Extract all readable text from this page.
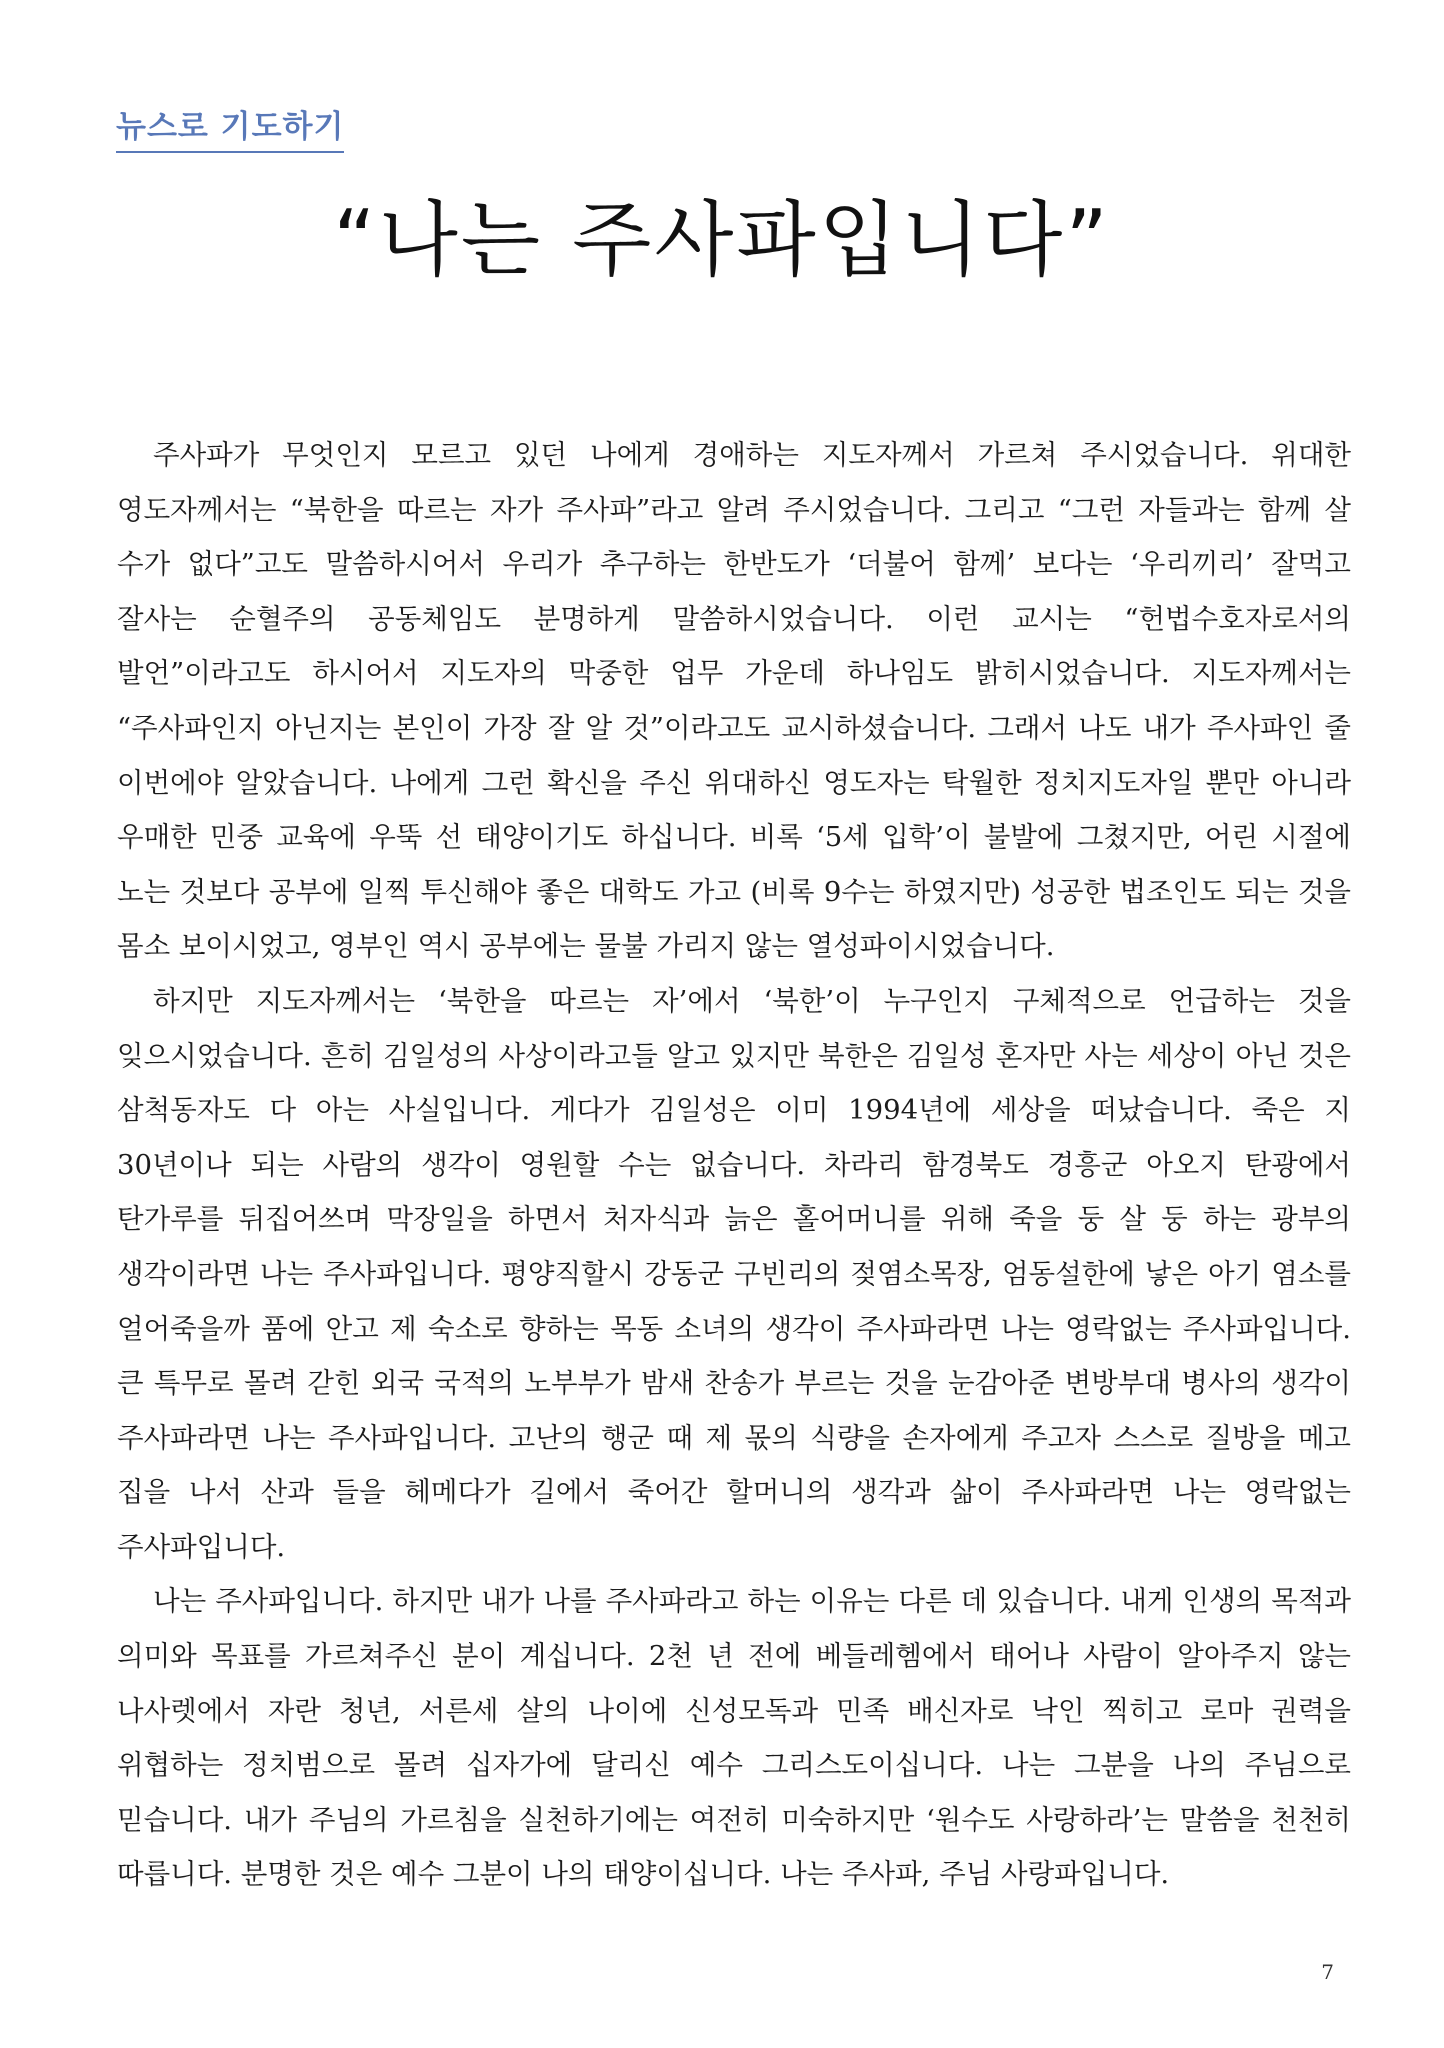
뉴스로 기도하기
“나는 주사파입니다”

주사파가 무엇인지 모르고 있던 나에게 경애하는 지도자께서 가르쳐 주시었습니다. 위대한 영도자께서는 “북한을 따르는 자가 주사파”라고 알려 주시었습니다. 그리고 “그런 자들과는 함께 살 수가 없다”고도 말씀하시어서 우리가 추구하는 한반도가 ‘더불어 함께’ 보다는 ‘우리끼리’ 잘먹고 잘사는 순혈주의 공동체임도 분명하게 말씀하시었습니다. 이런 교시는 “헌법수호자로서의 발언”이라고도 하시어서 지도자의 막중한 업무 가운데 하나임도 밝히시었습니다. 지도자께서는 “주사파인지 아닌지는 본인이 가장 잘 알 것”이라고도 교시하셨습니다. 그래서 나도 내가 주사파인 줄 이번에야 알았습니다. 나에게 그런 확신을 주신 위대하신 영도자는 탁월한 정치지도자일 뿐만 아니라 우매한 민중 교육에 우뚝 선 태양이기도 하십니다. 비록 ‘5세 입학’이 불발에 그쳤지만, 어린 시절에 노는 것보다 공부에 일찍 투신해야 좋은 대학도 가고 (비록 9수는 하였지만) 성공한 법조인도 되는 것을 몸소 보이시었고, 영부인 역시 공부에는 물불 가리지 않는 열성파이시었습니다.

하지만 지도자께서는 ‘북한을 따르는 자’에서 ‘북한’이 누구인지 구체적으로 언급하는 것을 잊으시었습니다. 흔히 김일성의 사상이라고들 알고 있지만 북한은 김일성 혼자만 사는 세상이 아닌 것은 삼척동자도 다 아는 사실입니다. 게다가 김일성은 이미 1994년에 세상을 떠났습니다. 죽은 지 30년이나 되는 사람의 생각이 영원할 수는 없습니다. 차라리 함경북도 경흥군 아오지 탄광에서 탄가루를 뒤집어쓰며 막장일을 하면서 처자식과 늙은 홀어머니를 위해 죽을 둥 살 둥 하는 광부의 생각이라면 나는 주사파입니다. 평양직할시 강동군 구빈리의 젖염소목장, 엄동설한에 낳은 아기 염소를 얼어죽을까 품에 안고 제 숙소로 향하는 목동 소녀의 생각이 주사파라면 나는 영락없는 주사파입니다. 큰 특무로 몰려 갇힌 외국 국적의 노부부가 밤새 찬송가 부르는 것을 눈감아준 변방부대 병사의 생각이 주사파라면 나는 주사파입니다. 고난의 행군 때 제 몫의 식량을 손자에게 주고자 스스로 질방을 메고 집을 나서 산과 들을 헤메다가 길에서 죽어간 할머니의 생각과 삶이 주사파라면 나는 영락없는 주사파입니다.

나는 주사파입니다. 하지만 내가 나를 주사파라고 하는 이유는 다른 데 있습니다. 내게 인생의 목적과 의미와 목표를 가르쳐주신 분이 계십니다. 2천 년 전에 베들레헴에서 태어나 사람이 알아주지 않는 나사렛에서 자란 청년, 서른세 살의 나이에 신성모독과 민족 배신자로 낙인 찍히고 로마 권력을 위협하는 정치범으로 몰려 십자가에 달리신 예수 그리스도이십니다. 나는 그분을 나의 주님으로 믿습니다. 내가 주님의 가르침을 실천하기에는 여전히 미숙하지만 ‘원수도 사랑하라’는 말씀을 천천히 따릅니다. 분명한 것은 예수 그분이 나의 태양이십니다. 나는 주사파, 주님 사랑파입니다.

7
